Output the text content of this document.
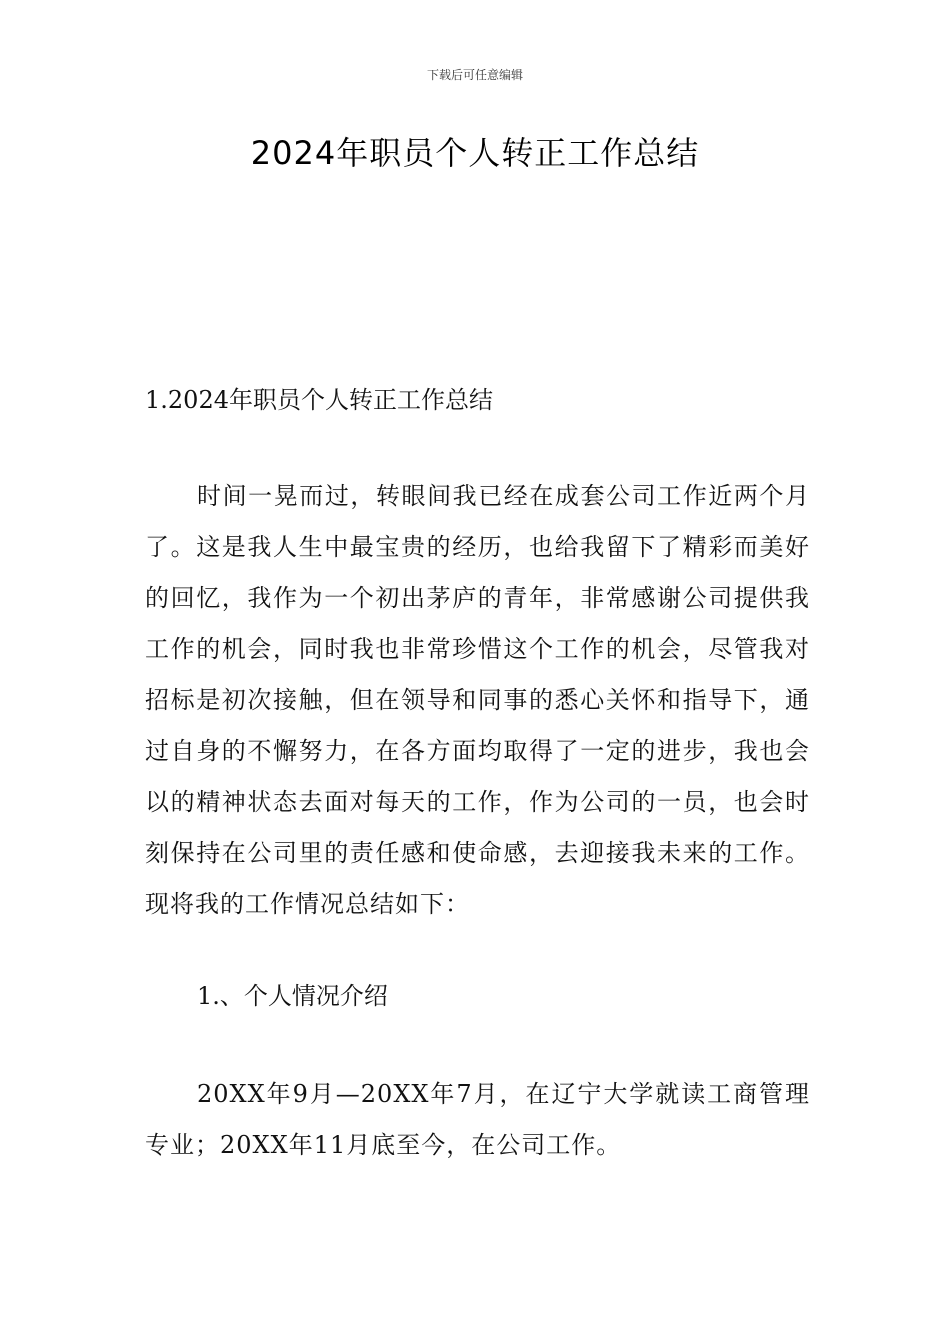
下载后可任意编辑
2024年职员个人转正工作总结
1.2024年职员个人转正工作总结

时间一晃而过，转眼间我已经在成套公司工作近两个月了。这是我人生中最宝贵的经历，也给我留下了精彩而美好的回忆，我作为一个初出茅庐的青年，非常感谢公司提供我工作的机会，同时我也非常珍惜这个工作的机会，尽管我对招标是初次接触，但在领导和同事的悉心关怀和指导下，通过自身的不懈努力，在各方面均取得了一定的进步，我也会以的精神状态去面对每天的工作，作为公司的一员，也会时刻保持在公司里的责任感和使命感，去迎接我未来的工作。现将我的工作情况总结如下：

1.、个人情况介绍

20XX年9月—20XX年7月，在辽宁大学就读工商管理专业；20XX年11月底至今，在公司工作。
